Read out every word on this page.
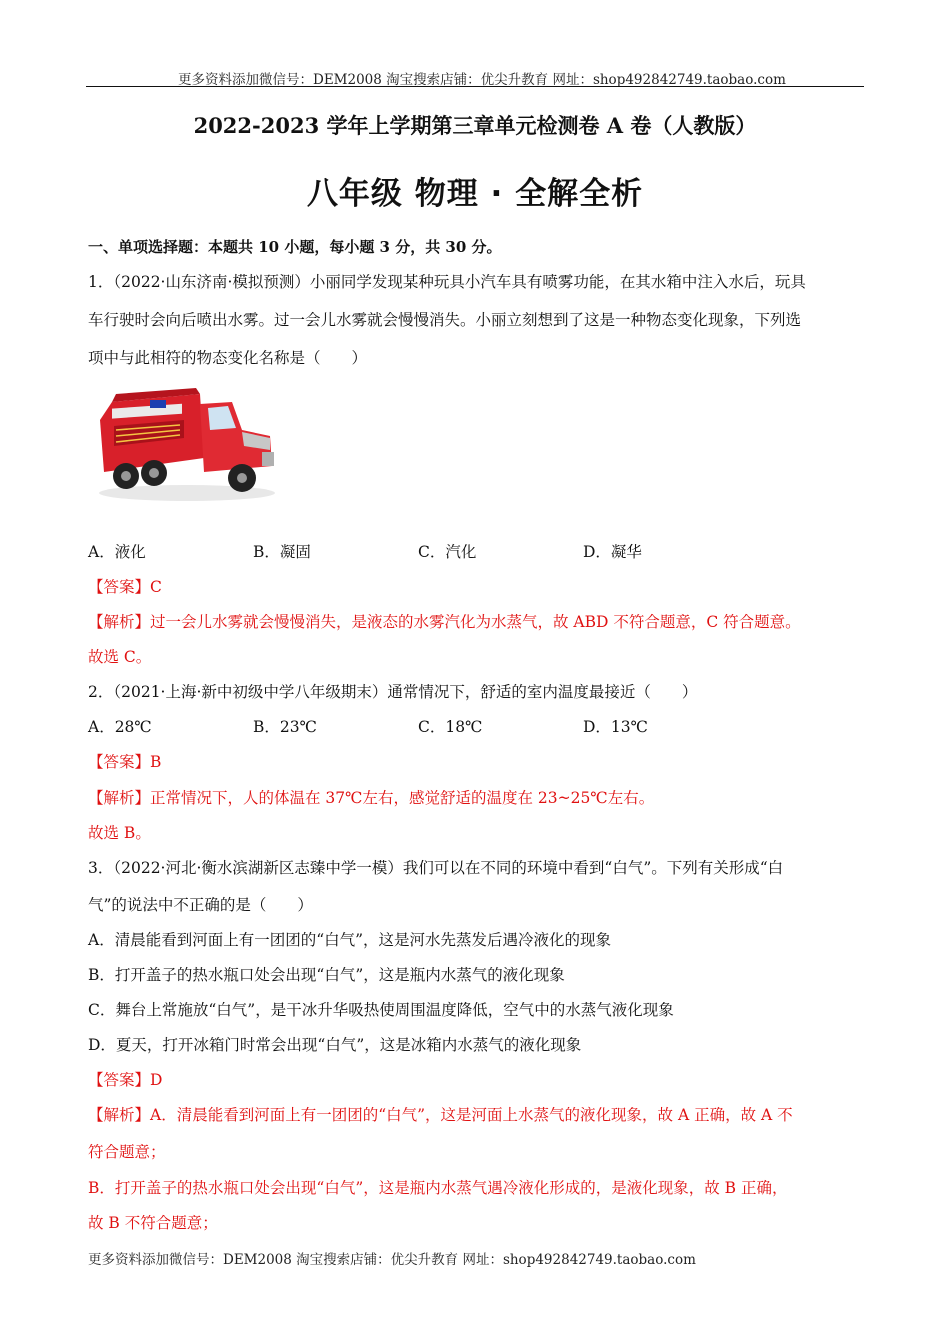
更多资料添加微信号：DEM2008 淘宝搜索店铺：优尖升教育 网址：shop492842749.taobao.com
2022-2023 学年上学期第三章单元检测卷 A 卷（人教版）
八年级 物理 · 全解全析
一、单项选择题：本题共 10 小题，每小题 3 分，共 30 分。
1．（2022·山东济南·模拟预测）小丽同学发现某种玩具小汽车具有喷雾功能，在其水箱中注入水后，玩具
车行驶时会向后喷出水雾。过一会儿水雾就会慢慢消失。小丽立刻想到了这是一种物态变化现象，下列选
项中与此相符的物态变化名称是（　　）
A．液化	B．凝固	C．汽化	D．凝华
【答案】C
【解析】过一会儿水雾就会慢慢消失，是液态的水雾汽化为水蒸气，故 ABD 不符合题意，C 符合题意。
故选 C。
2．（2021·上海·新中初级中学八年级期末）通常情况下，舒适的室内温度最接近（　　）
A．28℃	B．23℃	C．18℃	D．13℃
【答案】B
【解析】正常情况下，人的体温在 37℃左右，感觉舒适的温度在 23~25℃左右。
故选 B。
3．（2022·河北·衡水滨湖新区志臻中学一模）我们可以在不同的环境中看到“白气”。下列有关形成“白
气”的说法中不正确的是（　　）
A．清晨能看到河面上有一团团的“白气”，这是河水先蒸发后遇冷液化的现象
B．打开盖子的热水瓶口处会出现“白气”，这是瓶内水蒸气的液化现象
C．舞台上常施放“白气”，是干冰升华吸热使周围温度降低，空气中的水蒸气液化现象
D．夏天，打开冰箱门时常会出现“白气”，这是冰箱内水蒸气的液化现象
【答案】D
【解析】A．清晨能看到河面上有一团团的“白气”，这是河面上水蒸气的液化现象，故 A 正确，故 A 不
符合题意；
B．打开盖子的热水瓶口处会出现“白气”，这是瓶内水蒸气遇冷液化形成的，是液化现象，故 B 正确，
故 B 不符合题意；
更多资料添加微信号：DEM2008 淘宝搜索店铺：优尖升教育 网址：shop492842749.taobao.com
